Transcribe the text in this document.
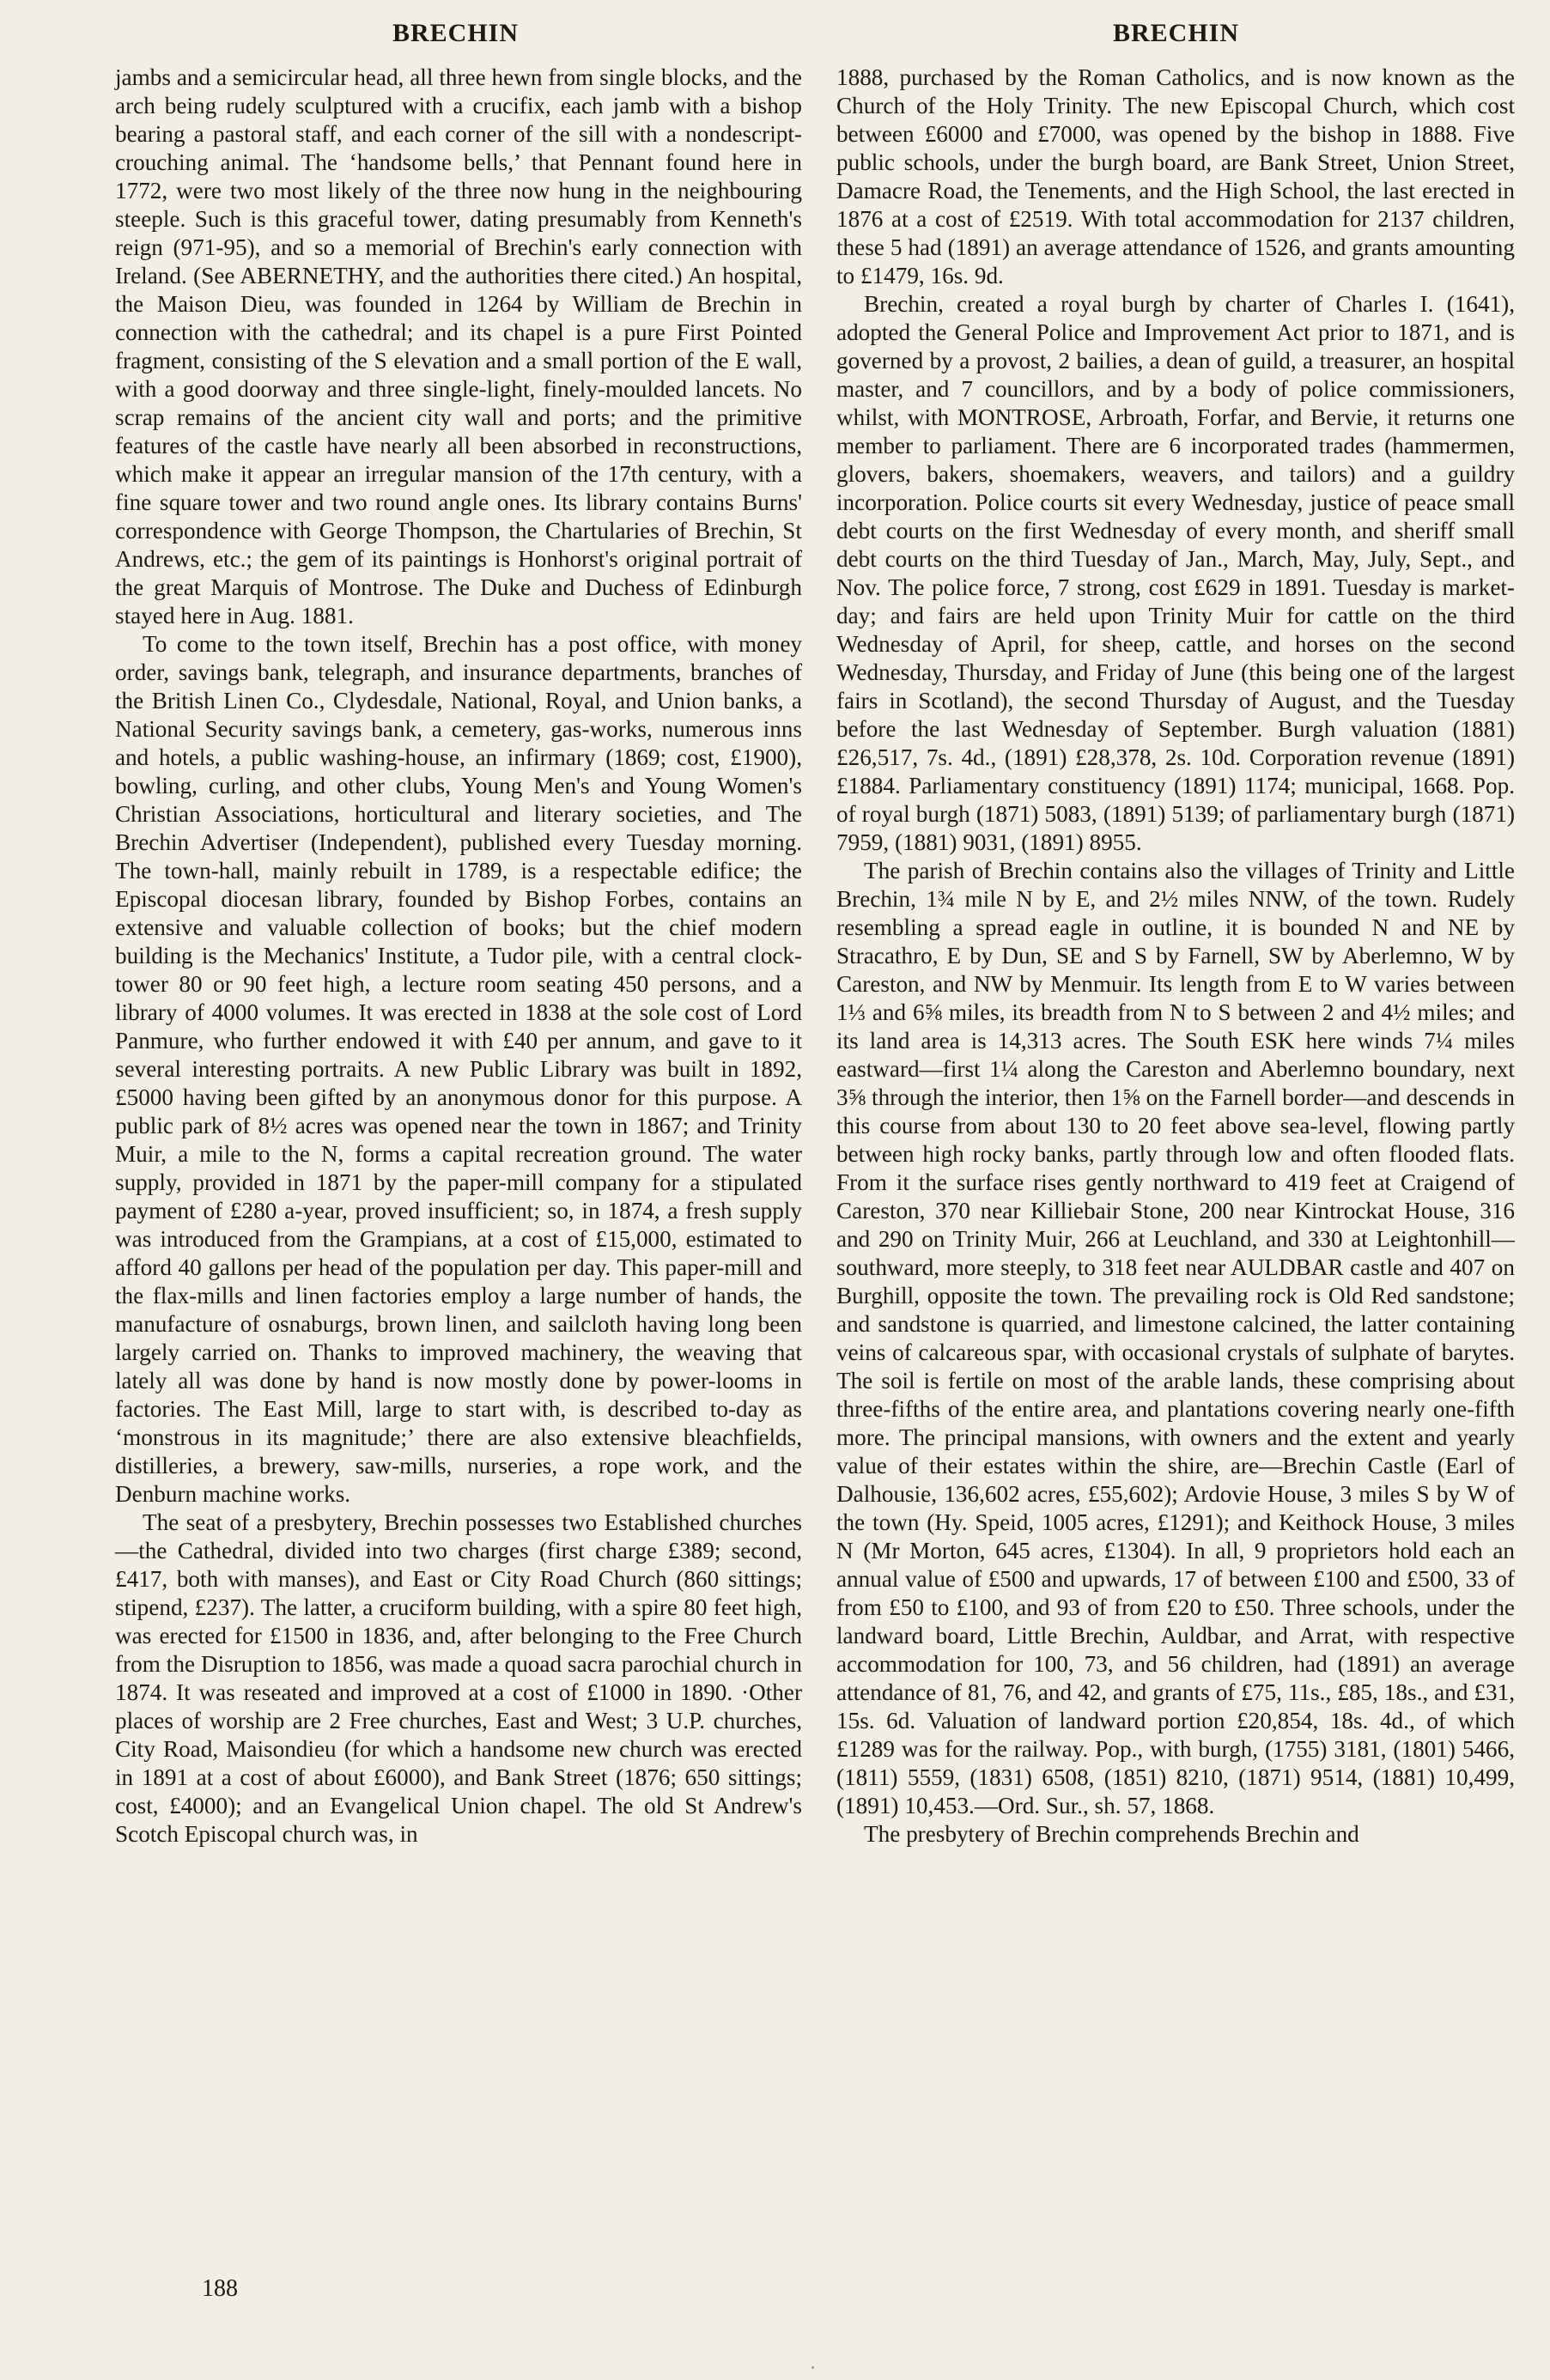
BRECHIN	BRECHIN

jambs and a semicircular head, all three hewn from single blocks, and the arch being rudely sculptured with a crucifix, each jamb with a bishop bearing a pastoral staff, and each corner of the sill with a nondescript-crouching animal. The ‘handsome bells,’ that Pennant found here in 1772, were two most likely of the three now hung in the neighbouring steeple. Such is this graceful tower, dating presumably from Kenneth's reign (971-95), and so a memorial of Brechin's early connection with Ireland. (See ABERNETHY, and the authorities there cited.) An hospital, the Maison Dieu, was founded in 1264 by William de Brechin in connection with the cathedral; and its chapel is a pure First Pointed fragment, consisting of the S elevation and a small portion of the E wall, with a good doorway and three single-light, finely-moulded lancets. No scrap remains of the ancient city wall and ports; and the primitive features of the castle have nearly all been absorbed in reconstructions, which make it appear an irregular mansion of the 17th century, with a fine square tower and two round angle ones. Its library contains Burns' correspondence with George Thompson, the Chartularies of Brechin, St Andrews, etc.; the gem of its paintings is Honhorst's original portrait of the great Marquis of Montrose. The Duke and Duchess of Edinburgh stayed here in Aug. 1881.

To come to the town itself, Brechin has a post office, with money order, savings bank, telegraph, and insurance departments, branches of the British Linen Co., Clydesdale, National, Royal, and Union banks, a National Security savings bank, a cemetery, gas-works, numerous inns and hotels, a public washing-house, an infirmary (1869; cost, £1900), bowling, curling, and other clubs, Young Men's and Young Women's Christian Associations, horticultural and literary societies, and The Brechin Advertiser (Independent), published every Tuesday morning. The town-hall, mainly rebuilt in 1789, is a respectable edifice; the Episcopal diocesan library, founded by Bishop Forbes, contains an extensive and valuable collection of books; but the chief modern building is the Mechanics' Institute, a Tudor pile, with a central clock-tower 80 or 90 feet high, a lecture room seating 450 persons, and a library of 4000 volumes. It was erected in 1838 at the sole cost of Lord Panmure, who further endowed it with £40 per annum, and gave to it several interesting portraits. A new Public Library was built in 1892, £5000 having been gifted by an anonymous donor for this purpose. A public park of 8½ acres was opened near the town in 1867; and Trinity Muir, a mile to the N, forms a capital recreation ground. The water supply, provided in 1871 by the paper-mill company for a stipulated payment of £280 a-year, proved insufficient; so, in 1874, a fresh supply was introduced from the Grampians, at a cost of £15,000, estimated to afford 40 gallons per head of the population per day. This paper-mill and the flax-mills and linen factories employ a large number of hands, the manufacture of osnaburgs, brown linen, and sailcloth having long been largely carried on. Thanks to improved machinery, the weaving that lately all was done by hand is now mostly done by power-looms in factories. The East Mill, large to start with, is described to-day as ‘monstrous in its magnitude;’ there are also extensive bleachfields, distilleries, a brewery, saw-mills, nurseries, a rope work, and the Denburn machine works.

The seat of a presbytery, Brechin possesses two Established churches—the Cathedral, divided into two charges (first charge £389; second, £417, both with manses), and East or City Road Church (860 sittings; stipend, £237). The latter, a cruciform building, with a spire 80 feet high, was erected for £1500 in 1836, and, after belonging to the Free Church from the Disruption to 1856, was made a quoad sacra parochial church in 1874. It was reseated and improved at a cost of £1000 in 1890. ·Other places of worship are 2 Free churches, East and West; 3 U.P. churches, City Road, Maisondieu (for which a handsome new church was erected in 1891 at a cost of about £6000), and Bank Street (1876; 650 sittings; cost, £4000); and an Evangelical Union chapel. The old St Andrew's Scotch Episcopal church was, in

1888, purchased by the Roman Catholics, and is now known as the Church of the Holy Trinity. The new Episcopal Church, which cost between £6000 and £7000, was opened by the bishop in 1888. Five public schools, under the burgh board, are Bank Street, Union Street, Damacre Road, the Tenements, and the High School, the last erected in 1876 at a cost of £2519. With total accommodation for 2137 children, these 5 had (1891) an average attendance of 1526, and grants amounting to £1479, 16s. 9d.

Brechin, created a royal burgh by charter of Charles I. (1641), adopted the General Police and Improvement Act prior to 1871, and is governed by a provost, 2 bailies, a dean of guild, a treasurer, an hospital master, and 7 councillors, and by a body of police commissioners, whilst, with MONTROSE, Arbroath, Forfar, and Bervie, it returns one member to parliament. There are 6 incorporated trades (hammermen, glovers, bakers, shoemakers, weavers, and tailors) and a guildry incorporation. Police courts sit every Wednesday, justice of peace small debt courts on the first Wednesday of every month, and sheriff small debt courts on the third Tuesday of Jan., March, May, July, Sept., and Nov. The police force, 7 strong, cost £629 in 1891. Tuesday is market-day; and fairs are held upon Trinity Muir for cattle on the third Wednesday of April, for sheep, cattle, and horses on the second Wednesday, Thursday, and Friday of June (this being one of the largest fairs in Scotland), the second Thursday of August, and the Tuesday before the last Wednesday of September. Burgh valuation (1881) £26,517, 7s. 4d., (1891) £28,378, 2s. 10d. Corporation revenue (1891) £1884. Parliamentary constituency (1891) 1174; municipal, 1668. Pop. of royal burgh (1871) 5083, (1891) 5139; of parliamentary burgh (1871) 7959, (1881) 9031, (1891) 8955.

The parish of Brechin contains also the villages of Trinity and Little Brechin, 1¾ mile N by E, and 2½ miles NNW, of the town. Rudely resembling a spread eagle in outline, it is bounded N and NE by Stracathro, E by Dun, SE and S by Farnell, SW by Aberlemno, W by Careston, and NW by Menmuir. Its length from E to W varies between 1⅓ and 6⅝ miles, its breadth from N to S between 2 and 4½ miles; and its land area is 14,313 acres. The South ESK here winds 7¼ miles eastward—first 1¼ along the Careston and Aberlemno boundary, next 3⅝ through the interior, then 1⅝ on the Farnell border—and descends in this course from about 130 to 20 feet above sea-level, flowing partly between high rocky banks, partly through low and often flooded flats. From it the surface rises gently northward to 419 feet at Craigend of Careston, 370 near Killiebair Stone, 200 near Kintrockat House, 316 and 290 on Trinity Muir, 266 at Leuchland, and 330 at Leightonhill—southward, more steeply, to 318 feet near AULDBAR castle and 407 on Burghill, opposite the town. The prevailing rock is Old Red sandstone; and sandstone is quarried, and limestone calcined, the latter containing veins of calcareous spar, with occasional crystals of sulphate of barytes. The soil is fertile on most of the arable lands, these comprising about three-fifths of the entire area, and plantations covering nearly one-fifth more. The principal mansions, with owners and the extent and yearly value of their estates within the shire, are—Brechin Castle (Earl of Dalhousie, 136,602 acres, £55,602); Ardovie House, 3 miles S by W of the town (Hy. Speid, 1005 acres, £1291); and Keithock House, 3 miles N (Mr Morton, 645 acres, £1304). In all, 9 proprietors hold each an annual value of £500 and upwards, 17 of between £100 and £500, 33 of from £50 to £100, and 93 of from £20 to £50. Three schools, under the landward board, Little Brechin, Auldbar, and Arrat, with respective accommodation for 100, 73, and 56 children, had (1891) an average attendance of 81, 76, and 42, and grants of £75, 11s., £85, 18s., and £31, 15s. 6d. Valuation of landward portion £20,854, 18s. 4d., of which £1289 was for the railway. Pop., with burgh, (1755) 3181, (1801) 5466, (1811) 5559, (1831) 6508, (1851) 8210, (1871) 9514, (1881) 10,499, (1891) 10,453.—Ord. Sur., sh. 57, 1868.

The presbytery of Brechin comprehends Brechin and

188
